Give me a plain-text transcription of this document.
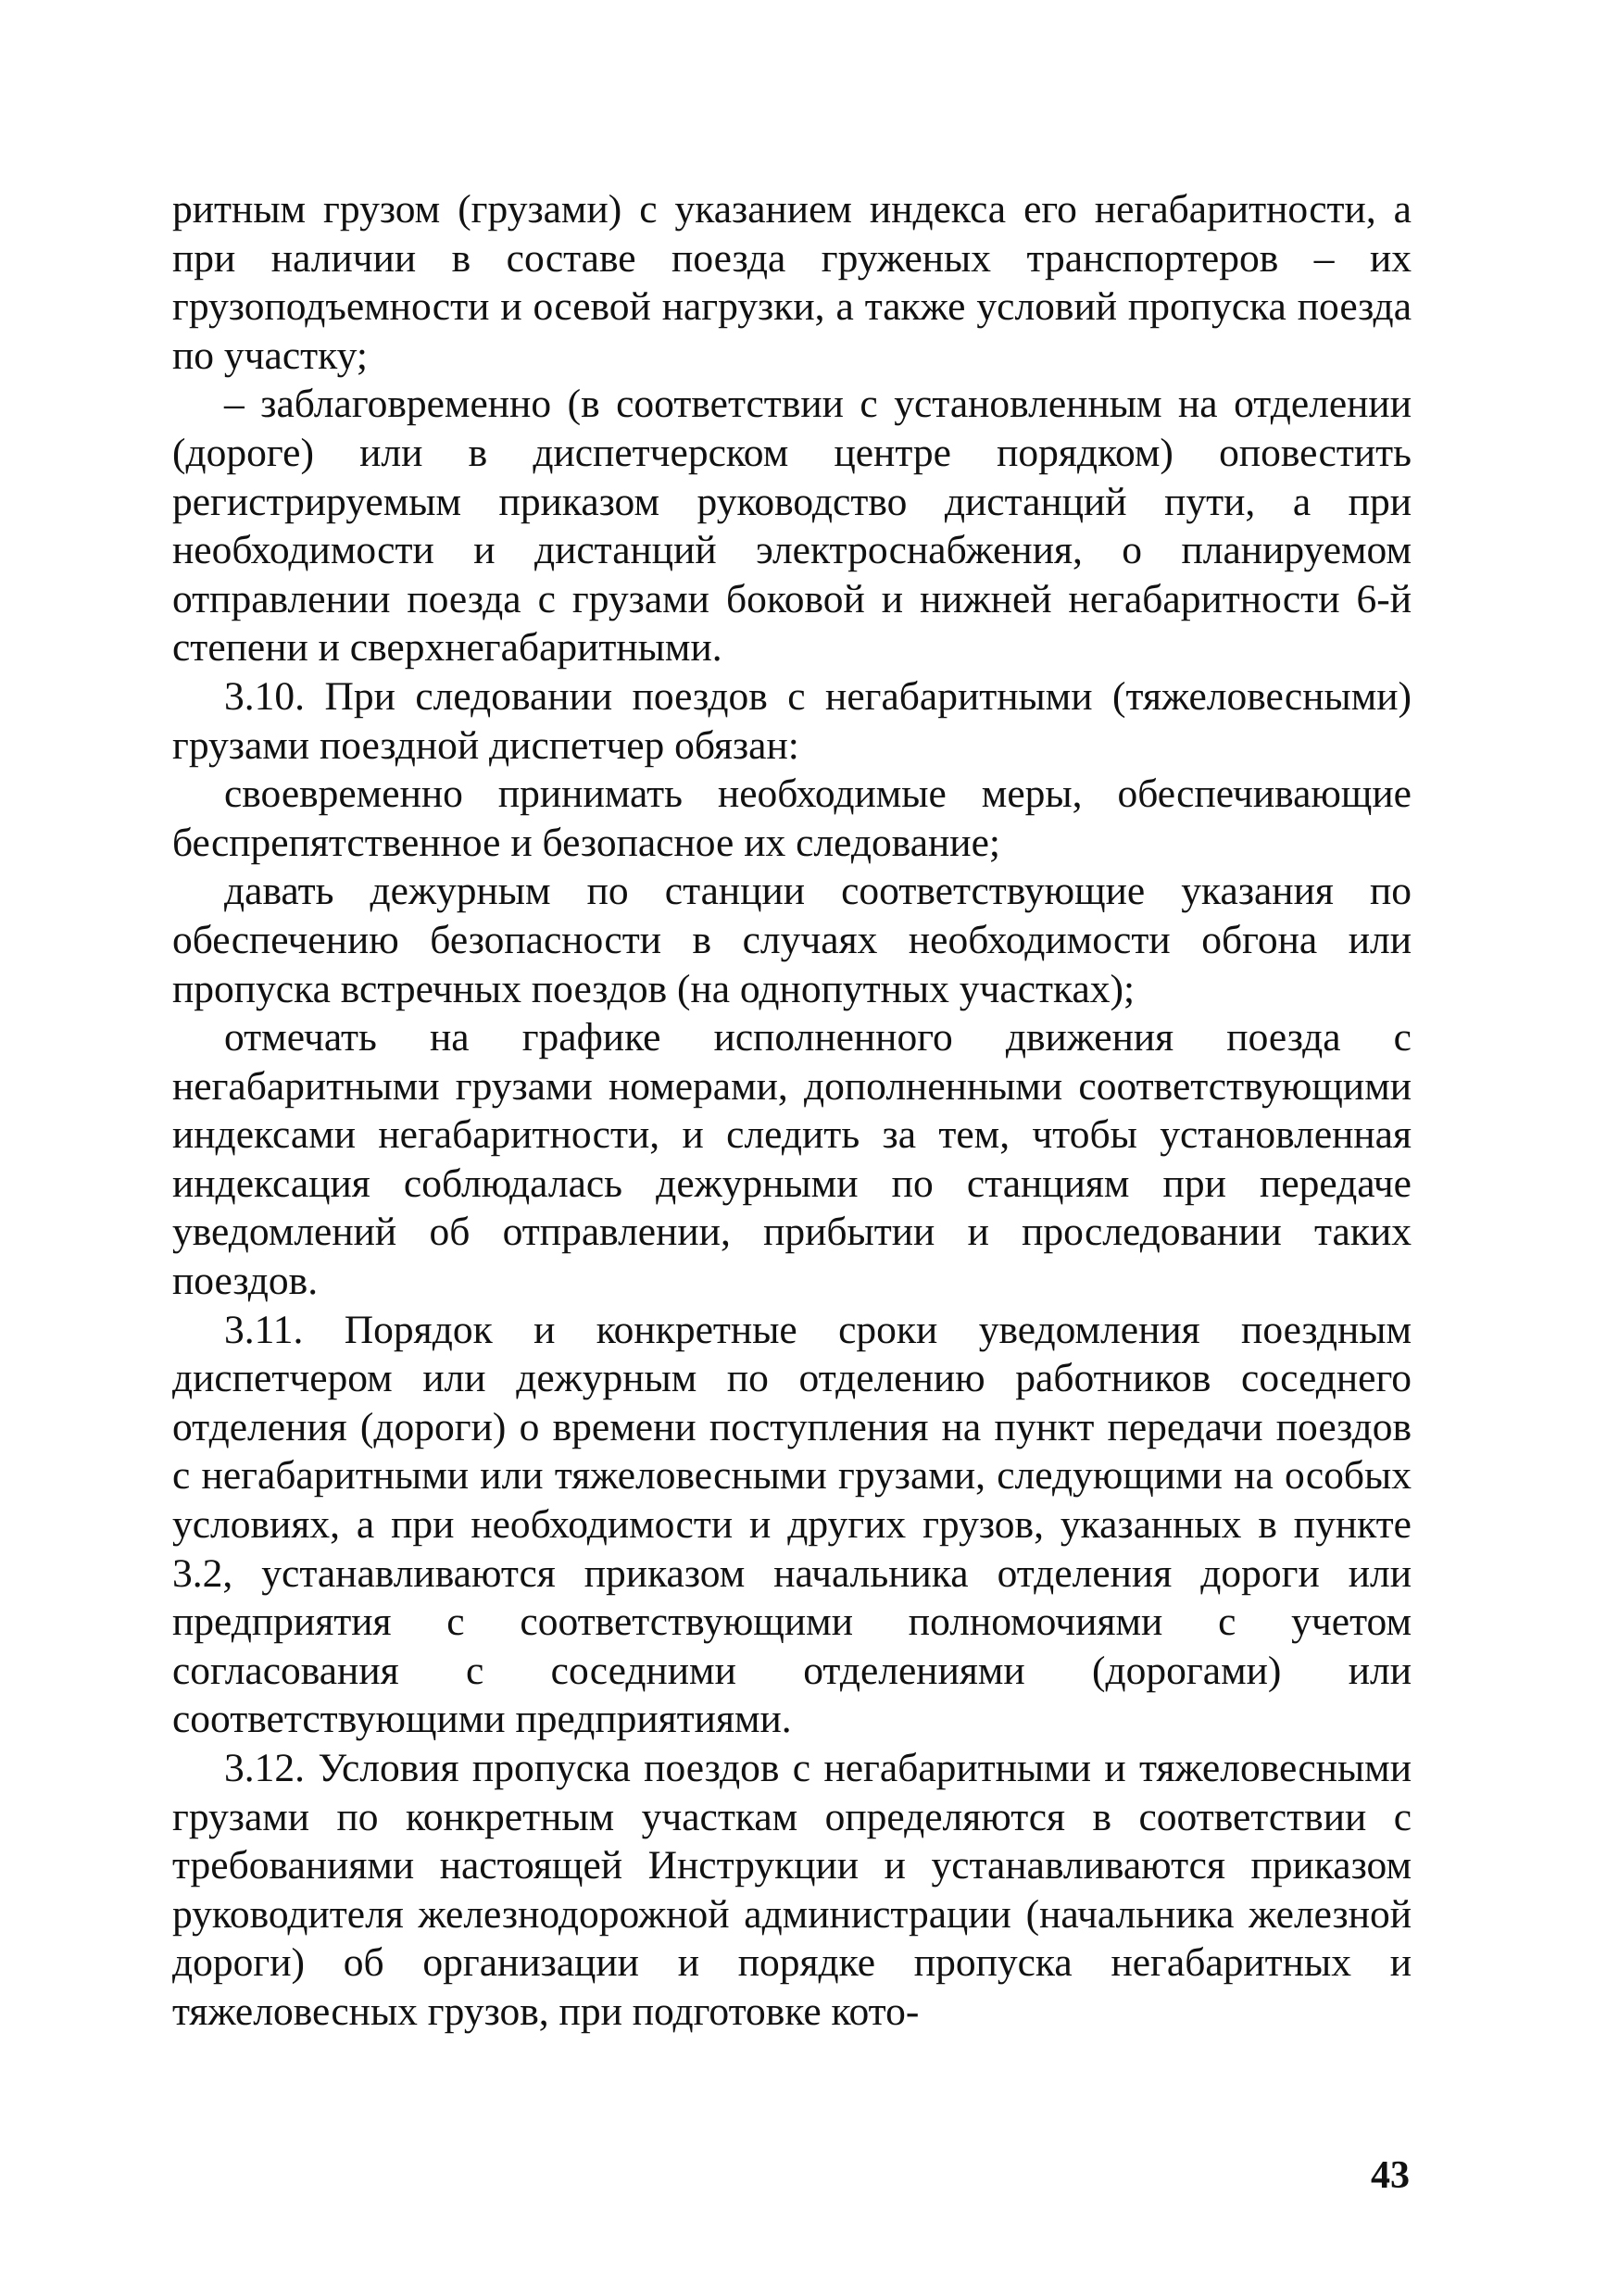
ритным грузом (грузами) с указанием индекса его негабаритности, а при наличии в составе поезда груженых транспортеров – их грузоподъемности и осевой нагрузки, а также условий пропуска поезда по участку;

– заблаговременно (в соответствии с установленным на отделении (дороге) или в диспетчерском центре порядком) оповестить регистрируемым приказом руководство дистанций пути, а при необходимости и дистанций электроснабжения, о планируемом отправлении поезда с грузами боковой и нижней негабаритности 6-й степени и сверхнегабаритными.

3.10. При следовании поездов с негабаритными (тяжеловесными) грузами поездной диспетчер обязан:

своевременно принимать необходимые меры, обеспечивающие беспрепятственное и безопасное их следование;

давать дежурным по станции соответствующие указания по обеспечению безопасности в случаях необходимости обгона или пропуска встречных поездов (на однопутных участках);

отмечать на графике исполненного движения поезда с негабаритными грузами номерами, дополненными соответствующими индексами негабаритности, и следить за тем, чтобы установленная индексация соблюдалась дежурными по станциям при передаче уведомлений об отправлении, прибытии и проследовании таких поездов.

3.11. Порядок и конкретные сроки уведомления поездным диспетчером или дежурным по отделению работников соседнего отделения (дороги) о времени поступления на пункт передачи поездов с негабаритными или тяжеловесными грузами, следующими на особых условиях, а при необходимости и других грузов, указанных в пункте 3.2, устанавливаются приказом начальника отделения дороги или предприятия с соответствующими полномочиями с учетом согласования с соседними отделениями (дорогами) или соответствующими предприятиями.

3.12. Условия пропуска поездов с негабаритными и тяжеловесными грузами по конкретным участкам определяются в соответствии с требованиями настоящей Инструкции и устанавливаются приказом руководителя железнодорожной администрации (начальника железной дороги) об организации и порядке пропуска негабаритных и тяжеловесных грузов, при подготовке кото-

43
